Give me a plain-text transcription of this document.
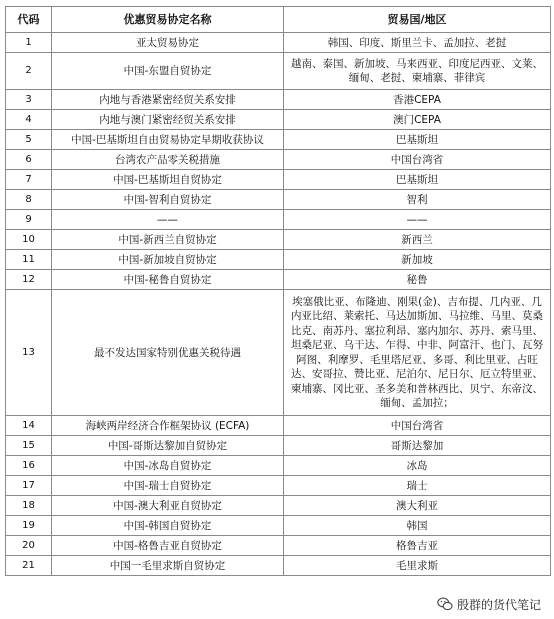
代码	优惠贸易协定名称	贸易国/地区
1	亚太贸易协定	韩国、印度、斯里兰卡、孟加拉、老挝
2	中国-东盟自贸协定	越南、泰国、新加坡、马来西亚、印度尼西亚、文莱、缅甸、老挝、柬埔寨、菲律宾
3	内地与香港紧密经贸关系安排	香港CEPA
4	内地与澳门紧密经贸关系安排	澳门CEPA
5	中国-巴基斯坦自由贸易协定早期收获协议	巴基斯坦
6	台湾农产品零关税措施	中国台湾省
7	中国-巴基斯坦自贸协定	巴基斯坦
8	中国-智利自贸协定	智利
9	——	——
10	中国-新西兰自贸协定	新西兰
11	中国-新加坡自贸协定	新加坡
12	中国-秘鲁自贸协定	秘鲁
13	最不发达国家特别优惠关税待遇	埃塞俄比亚、布隆迪、刚果(金)、吉布提、几内亚、几内亚比绍、莱索托、马达加斯加、马拉维、马里、莫桑比克、南苏丹、塞拉利昂、塞内加尔、苏丹、索马里、坦桑尼亚、乌干达、乍得、中非、阿富汗、也门、瓦努阿图、利摩罗、毛里塔尼亚、多哥、利比里亚、占旺达、安哥拉、赞比亚、尼泊尔、尼日尔、厄立特里亚、柬埔寨、冈比亚、圣多美和普林西比、贝宁、东帝汶、缅甸、孟加拉；
14	海峡两岸经济合作框架协议 (ECFA)	中国台湾省
15	中国-哥斯达黎加自贸协定	哥斯达黎加
16	中国-冰岛自贸协定	冰岛
17	中国-瑞士自贸协定	瑞士
18	中国-澳大利亚自贸协定	澳大利亚
19	中国-韩国自贸协定	韩国
20	中国-格鲁吉亚自贸协定	格鲁吉亚
21	中国一毛里求斯自贸协定	毛里求斯
殷群的货代笔记
